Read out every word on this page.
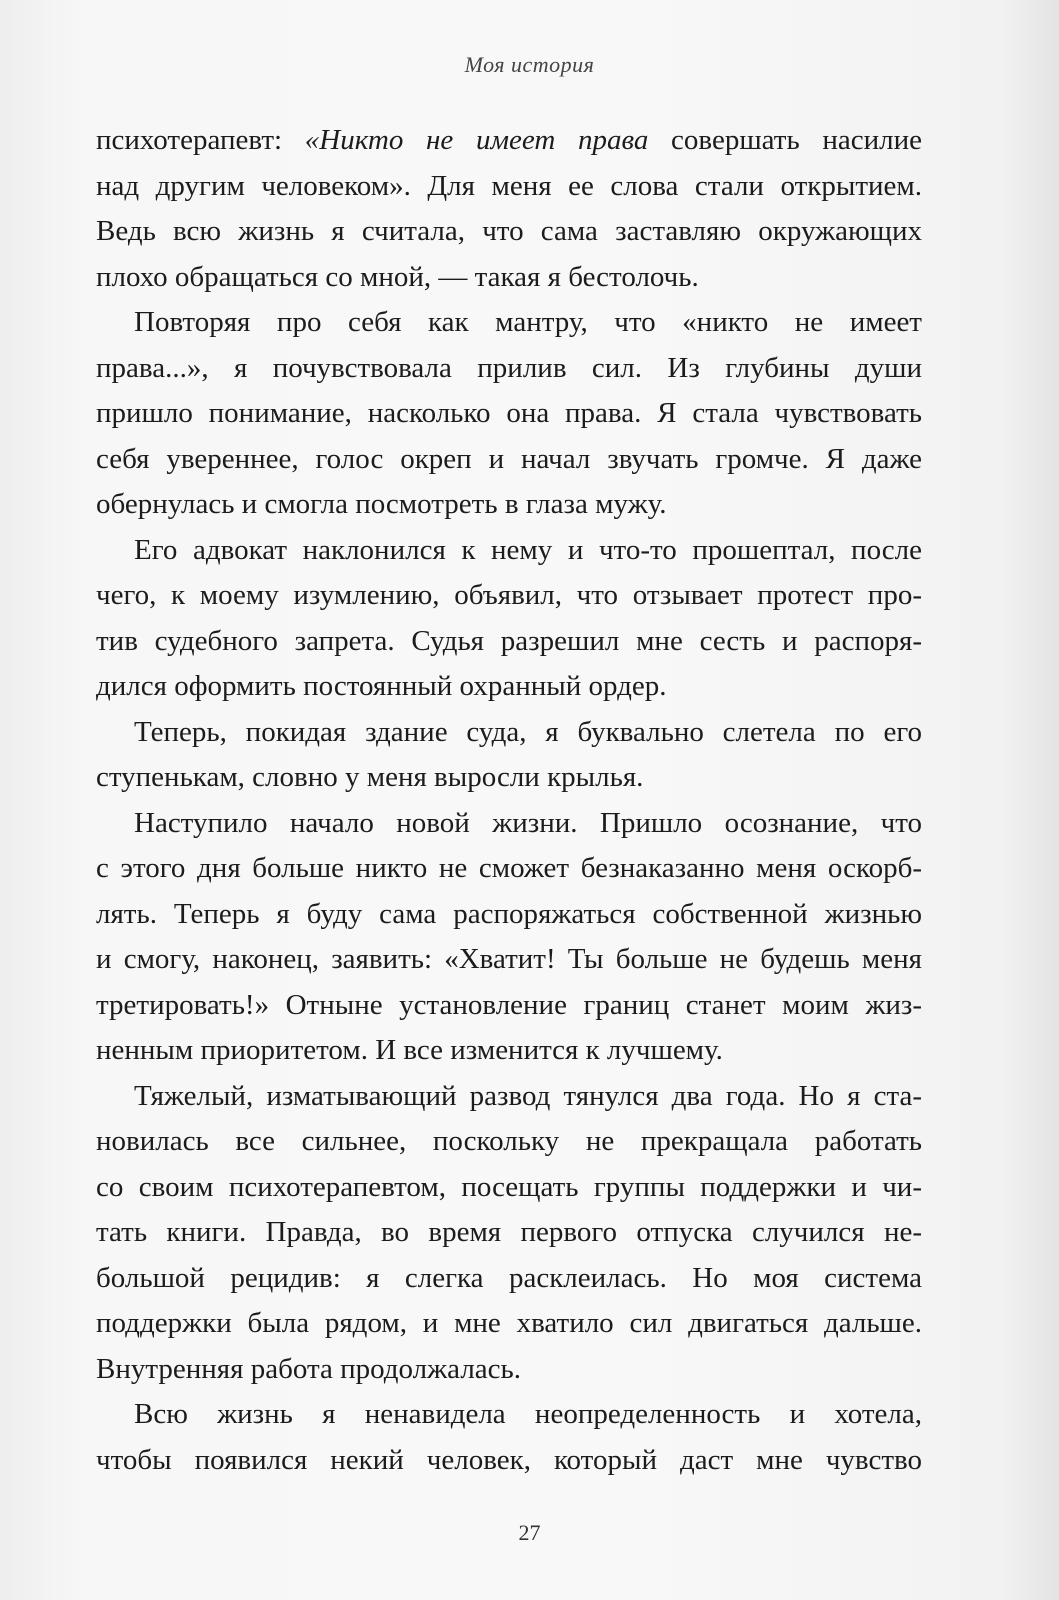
Моя история
психотерапевт: «Никто не имеет права совершать насилие
над другим человеком». Для меня ее слова стали открытием.
Ведь всю жизнь я считала, что сама заставляю окружающих
плохо обращаться со мной, — такая я бестолочь.
Повторяя про себя как мантру, что «никто не имеет
права...», я почувствовала прилив сил. Из глубины души
пришло понимание, насколько она права. Я стала чувствовать
себя увереннее, голос окреп и начал звучать громче. Я даже
обернулась и смогла посмотреть в глаза мужу.
Его адвокат наклонился к нему и что-то прошептал, после
чего, к моему изумлению, объявил, что отзывает протест про-
тив судебного запрета. Судья разрешил мне сесть и распоря-
дился оформить постоянный охранный ордер.
Теперь, покидая здание суда, я буквально слетела по его
ступенькам, словно у меня выросли крылья.
Наступило начало новой жизни. Пришло осознание, что
с этого дня больше никто не сможет безнаказанно меня оскорб-
лять. Теперь я буду сама распоряжаться собственной жизнью
и смогу, наконец, заявить: «Хватит! Ты больше не будешь меня
третировать!» Отныне установление границ станет моим жиз-
ненным приоритетом. И все изменится к лучшему.
Тяжелый, изматывающий развод тянулся два года. Но я ста-
новилась все сильнее, поскольку не прекращала работать
со своим психотерапевтом, посещать группы поддержки и чи-
тать книги. Правда, во время первого отпуска случился не-
большой рецидив: я слегка расклеилась. Но моя система
поддержки была рядом, и мне хватило сил двигаться дальше.
Внутренняя работа продолжалась.
Всю жизнь я ненавидела неопределенность и хотела,
чтобы появился некий человек, который даст мне чувство
27
